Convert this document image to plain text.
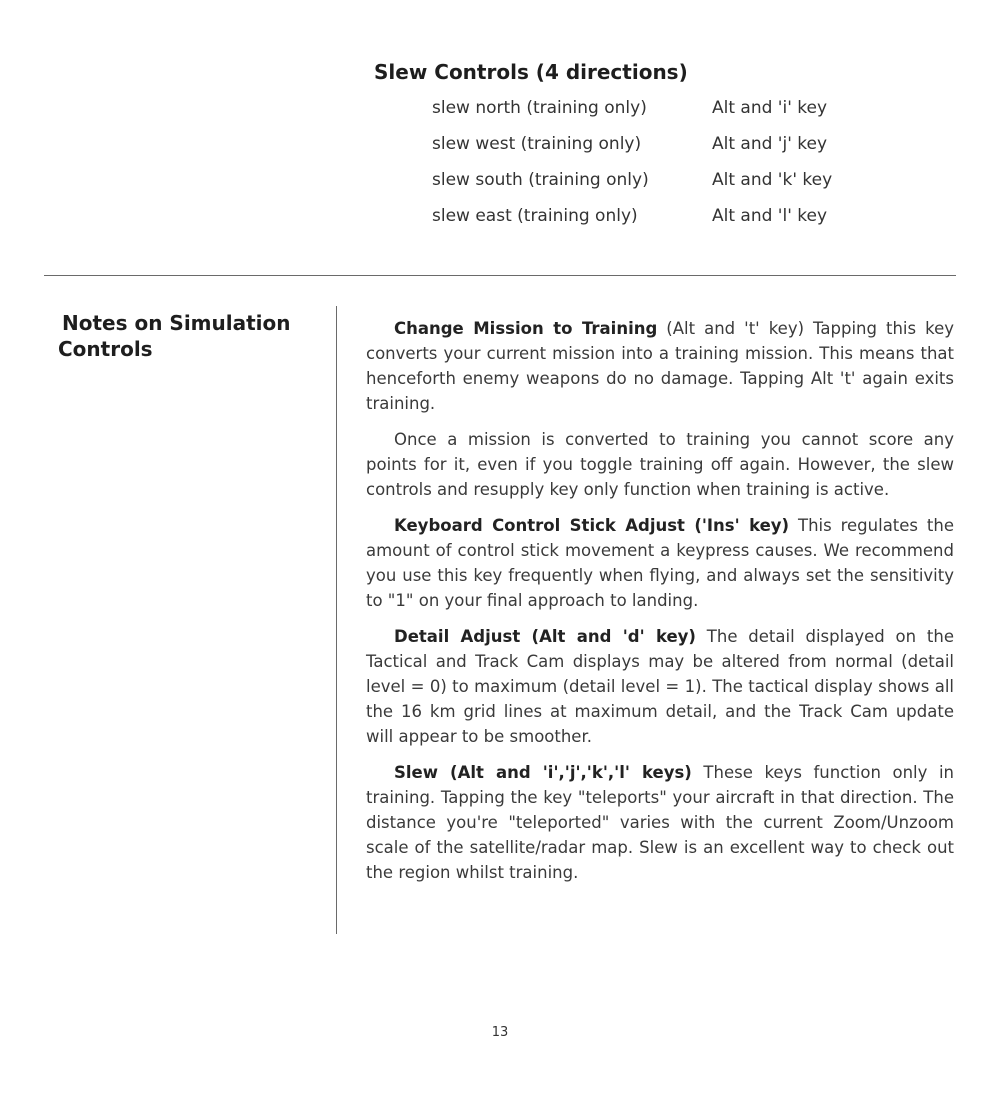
Slew Controls (4 directions)
slew north (training only)	Alt and 'i' key
slew west (training only)	Alt and 'j' key
slew south (training only)	Alt and 'k' key
slew east (training only)	Alt and 'l' key
Notes on Simulation
Controls

Change Mission to Training (Alt and 't' key) Tapping this key converts your current mission into a training mission. This means that henceforth enemy weapons do no damage. Tapping Alt 't' again exits training.

Once a mission is converted to training you cannot score any points for it, even if you toggle training off again. However, the slew controls and resupply key only function when training is active.

Keyboard Control Stick Adjust ('Ins' key) This regulates the amount of control stick movement a keypress causes. We recommend you use this key frequently when flying, and always set the sensitivity to "1" on your final approach to landing.

Detail Adjust (Alt and 'd' key) The detail displayed on the Tactical and Track Cam displays may be altered from normal (detail level = 0) to maximum (detail level = 1). The tactical display shows all the 16 km grid lines at maximum detail, and the Track Cam update will appear to be smoother.

Slew (Alt and 'i','j','k','l' keys) These keys function only in training. Tapping the key "teleports" your aircraft in that direction. The distance you're "teleported" varies with the current Zoom/Unzoom scale of the satellite/radar map. Slew is an excellent way to check out the region whilst training.

13
